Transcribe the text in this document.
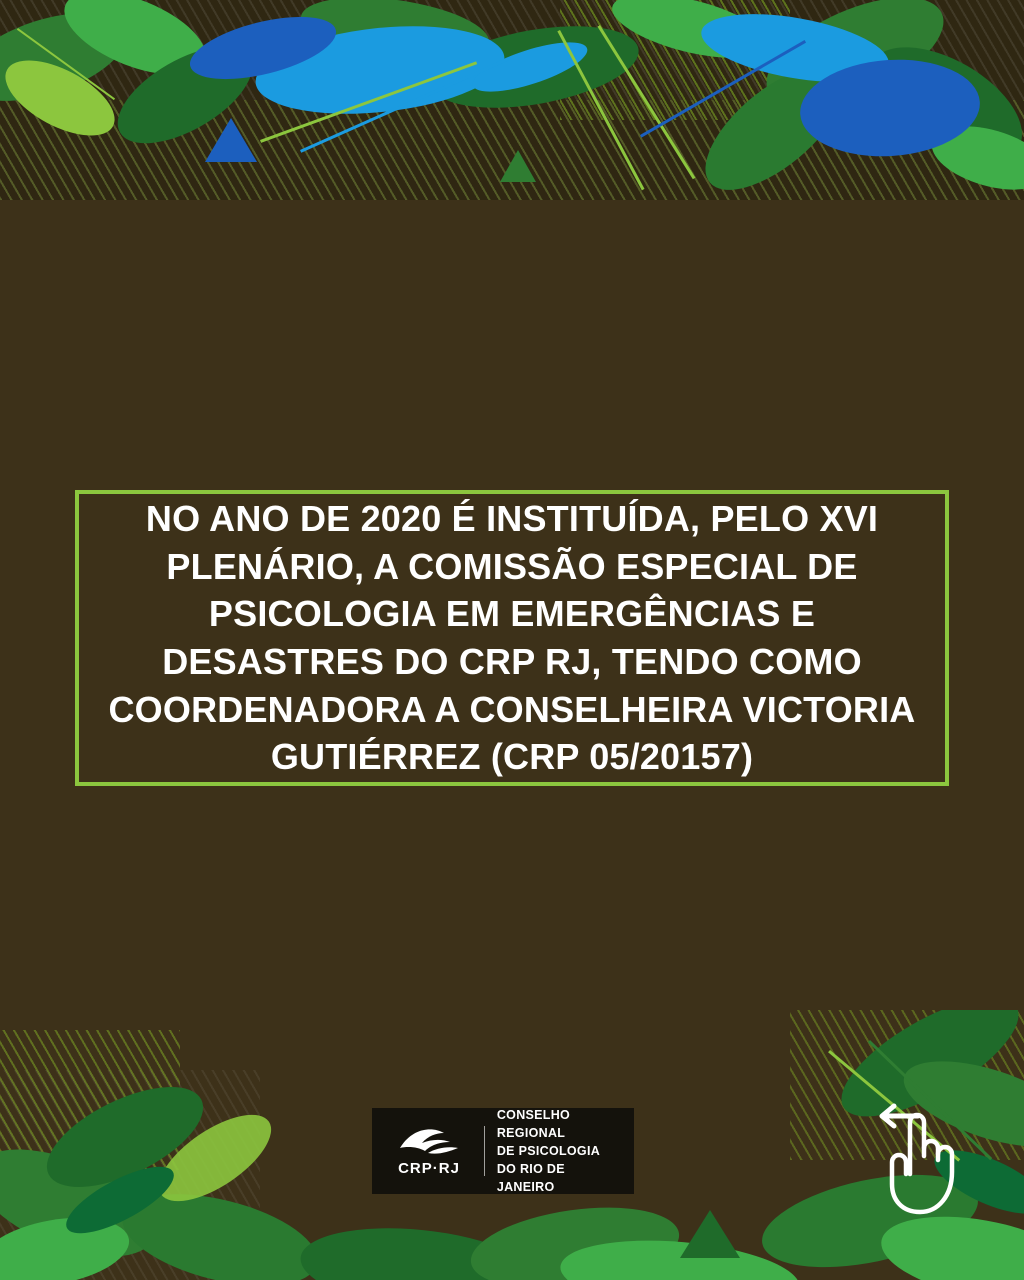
NO ANO DE 2020 É INSTITUÍDA, PELO XVI PLENÁRIO, A COMISSÃO ESPECIAL DE PSICOLOGIA EM EMERGÊNCIAS E DESASTRES DO CRP RJ, TENDO COMO COORDENADORA A CONSELHEIRA VICTORIA GUTIÉRREZ (CRP 05/20157)

CRP·RJ
CONSELHO REGIONAL
DE PSICOLOGIA
DO RIO DE JANEIRO
